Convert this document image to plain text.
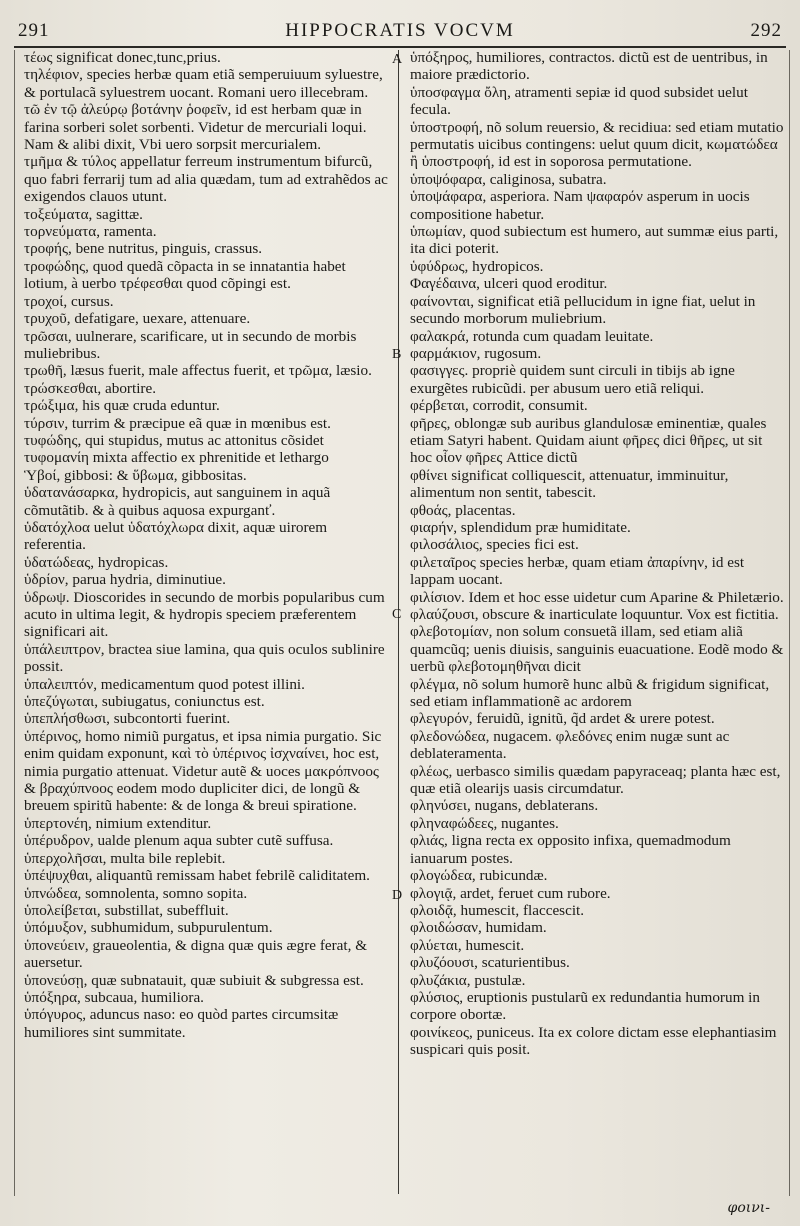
291	HIPPOCRATIS VOCVM	292
A
B
C
D

τέως significat donec,tunc,prius.

τηλέφιον, species herbæ quam etiã semperuiuum syluestre, & portulacã syluestrem uocant. Romani uero illecebram.

τῶ ἐν τῷ ἀλεύρῳ βοτάνην ῥοφεῖν, id est herbam quæ in farina sorberi solet sorbenti. Videtur de mercuriali loqui. Nam & alibi dixit, Vbi uero sorpsit mercurialem.

τμῆμα & τύλος appellatur ferreum instrumentum bifurcũ, quo fabri ferrarĳ tum ad alia quædam, tum ad extrahẽdos ac exigendos clauos utunt.

τοξεύματα, sagittæ.

τορνεύματα, ramenta.

τροφής, bene nutritus, pinguis, crassus.

τροφώδης, quod quedã cõpacta in se innatantia habet lotium, à uerbo τρέφεσθαι quod cõpingi est.

τροχοί, cursus.

τρυχοῦ, defatigare, uexare, attenuare.

τρῶσαι, uulnerare, scarificare, ut in secundo de morbis muliebribus.

τρωθῆ, læsus fuerit, male affectus fuerit, et τρῶμα, læsio.

τρώσκεσθαι, abortire.

τρώξιμα, his quæ cruda eduntur.

τύρσιν, turrim & præcipue eã quæ in mœnibus est.

τυφώδης, qui stupidus, mutus ac attonitus cõsidet

τυφομανίη mixta affectio ex phrenitide et lethargo

Ὑβοί, gibbosi: & ὕβωμα, gibbositas.

ὑδατανάσαρκα, hydropicis, aut sanguinem in aquã cõmutãtib. & à quibus aquosa expurganť.

ὑδατόχλοα uelut ὑδατόχλωρα dixit, aquæ uirorem referentia.

ὑδατώδεας, hydropicas.

ὑδρίον, parua hydria, diminutiue.

ὑδρωψ. Dioscorides in secundo de morbis popularibus cum acuto in ultima legit, & hydropis speciem præferentem significari ait.

ὑπάλειπτρον, bractea siue lamina, qua quis oculos sublinire possit.

ὑπαλειπτόν, medicamentum quod potest illini.

ὑπεζύγωται, subiugatus, coniunctus est.

ὑπεπλήσθωσι, subcontorti fuerint.

ὑπέρινος, homo nimiũ purgatus, et ipsa nimia purgatio. Sic enim quidam exponunt, καὶ τὸ ὑπέρινος ἰσχναίνει, hoc est, nimia purgatio attenuat. Videtur autẽ & uoces μακρόπνοος & βραχύπνοος eodem modo dupliciter dici, de longũ & breuem spiritũ habente: & de longa & breui spiratione.

ὑπερτονέη, nimium extenditur.

ὑπέρυδρον, ualde plenum aqua subter cutẽ suffusa.

ὑπερχολῆσαι, multa bile replebit.

ὑπέψυχθαι, aliquantũ remissam habet febrilẽ caliditatem.

ὑπνώδεα, somnolenta, somno sopita.

ὑπολείβεται, substillat, subeffluit.

ὑπόμυξον, subhumidum, subpurulentum.

ὑπονεύειν, graueolentia, & digna quæ quis ægre ferat, & auersetur.

ὑπονεύσῃ, quæ subnatauit, quæ subiuit & subgressa est.

ὑπόξηρα, subcaua, humiliora.

ὑπόγυρος, aduncus naso: eo quòd partes circumsitæ humiliores sint summitate.

ὑπόξηρος, humiliores, contractos. dictũ est de uentribus, in maiore prædictorio.

ὑποσφαγμα ὄλη, atramenti sepiæ id quod subsidet uelut fecula.

ὑποστροφή, nõ solum reuersio, & recidiua: sed etiam mutatio permutatis uicibus contingens: uelut quum dicit, κωματώδεα ἢ ὑποστροφή, id est in soporosa permutatione.

ὑποψόφαρα, caliginosa, subatra.

ὑποψάφαρα, asperiora. Nam ψαφαρόν asperum in uocis compositione habetur.

ὑπωμίαν, quod subiectum est humero, aut summæ eius parti, ita dici poterit.

ὑφύδρως, hydropicos.

Φαγέδαινα, ulceri quod eroditur.

φαίνονται, significat etiã pellucidum in igne fiat, uelut in secundo morborum muliebrium.

φαλακρά, rotunda cum quadam leuitate.

φαρμάκιον, rugosum.

φασιγγες. propriè quidem sunt circuli in tibĳs ab igne exurgẽtes rubicũdi. per abusum uero etiã reliqui.

φέρβεται, corrodit, consumit.

φῆρες, oblongæ sub auribus glandulosæ eminentiæ, quales etiam Satyri habent. Quidam aiunt φῆρες dici θῆρες, ut sit hoc οἷον φῆρες Attice dictũ

φθίνει significat colliquescit, attenuatur, imminuitur, alimentum non sentit, tabescit.

φθοάς, placentas.

φιαρήν, splendidum præ humiditate.

φιλοσάλιος, species fici est.

φιλεταῖρος species herbæ, quam etiam ἀπαρίνην, id est lappam uocant.

φιλίσιον. Idem et hoc esse uidetur cum Aparine & Philetærio.

φλαύζουσι, obscure & inarticulate loquuntur. Vox est fictitia.

φλεβοτομίαν, non solum consuetã illam, sed etiam aliã quamcũq; uenis diuisis, sanguinis euacuatione. Eodẽ modo & uerbũ φλεβοτομηθῆναι dicit

φλέγμα, nõ solum humorẽ hunc albũ & frigidum significat, sed etiam inflammationẽ ac ardorem

φλεγυρόν, feruidũ, ignitũ, q̃d ardet & urere potest.

φλεδονώδεα, nugacem. φλεδόνες enim nugæ sunt ac deblateramenta.

φλέως, uerbasco similis quædam papyraceaq; planta hæc est, quæ etiã olearĳs uasis circumdatur.

φληνύσει, nugans, deblaterans.

φληναφώδεες, nugantes.

φλιάς, ligna recta ex opposito infixa, quemadmodum ianuarum postes.

φλογώδεα, rubicundæ.

φλογιᾷ, ardet, feruet cum rubore.

φλοιδᾷ, humescit, flaccescit.

φλοιδώσαν, humidam.

φλύεται, humescit.

φλυζόουσι, scaturientibus.

φλυζάκια, pustulæ.

φλύσιος, eruptionis pustularũ ex redundantia humorum in corpore obortæ.

φοινίκεος, puniceus. Ita ex colore dictam esse elephantiasim suspicari quis posit.

φοινι-
